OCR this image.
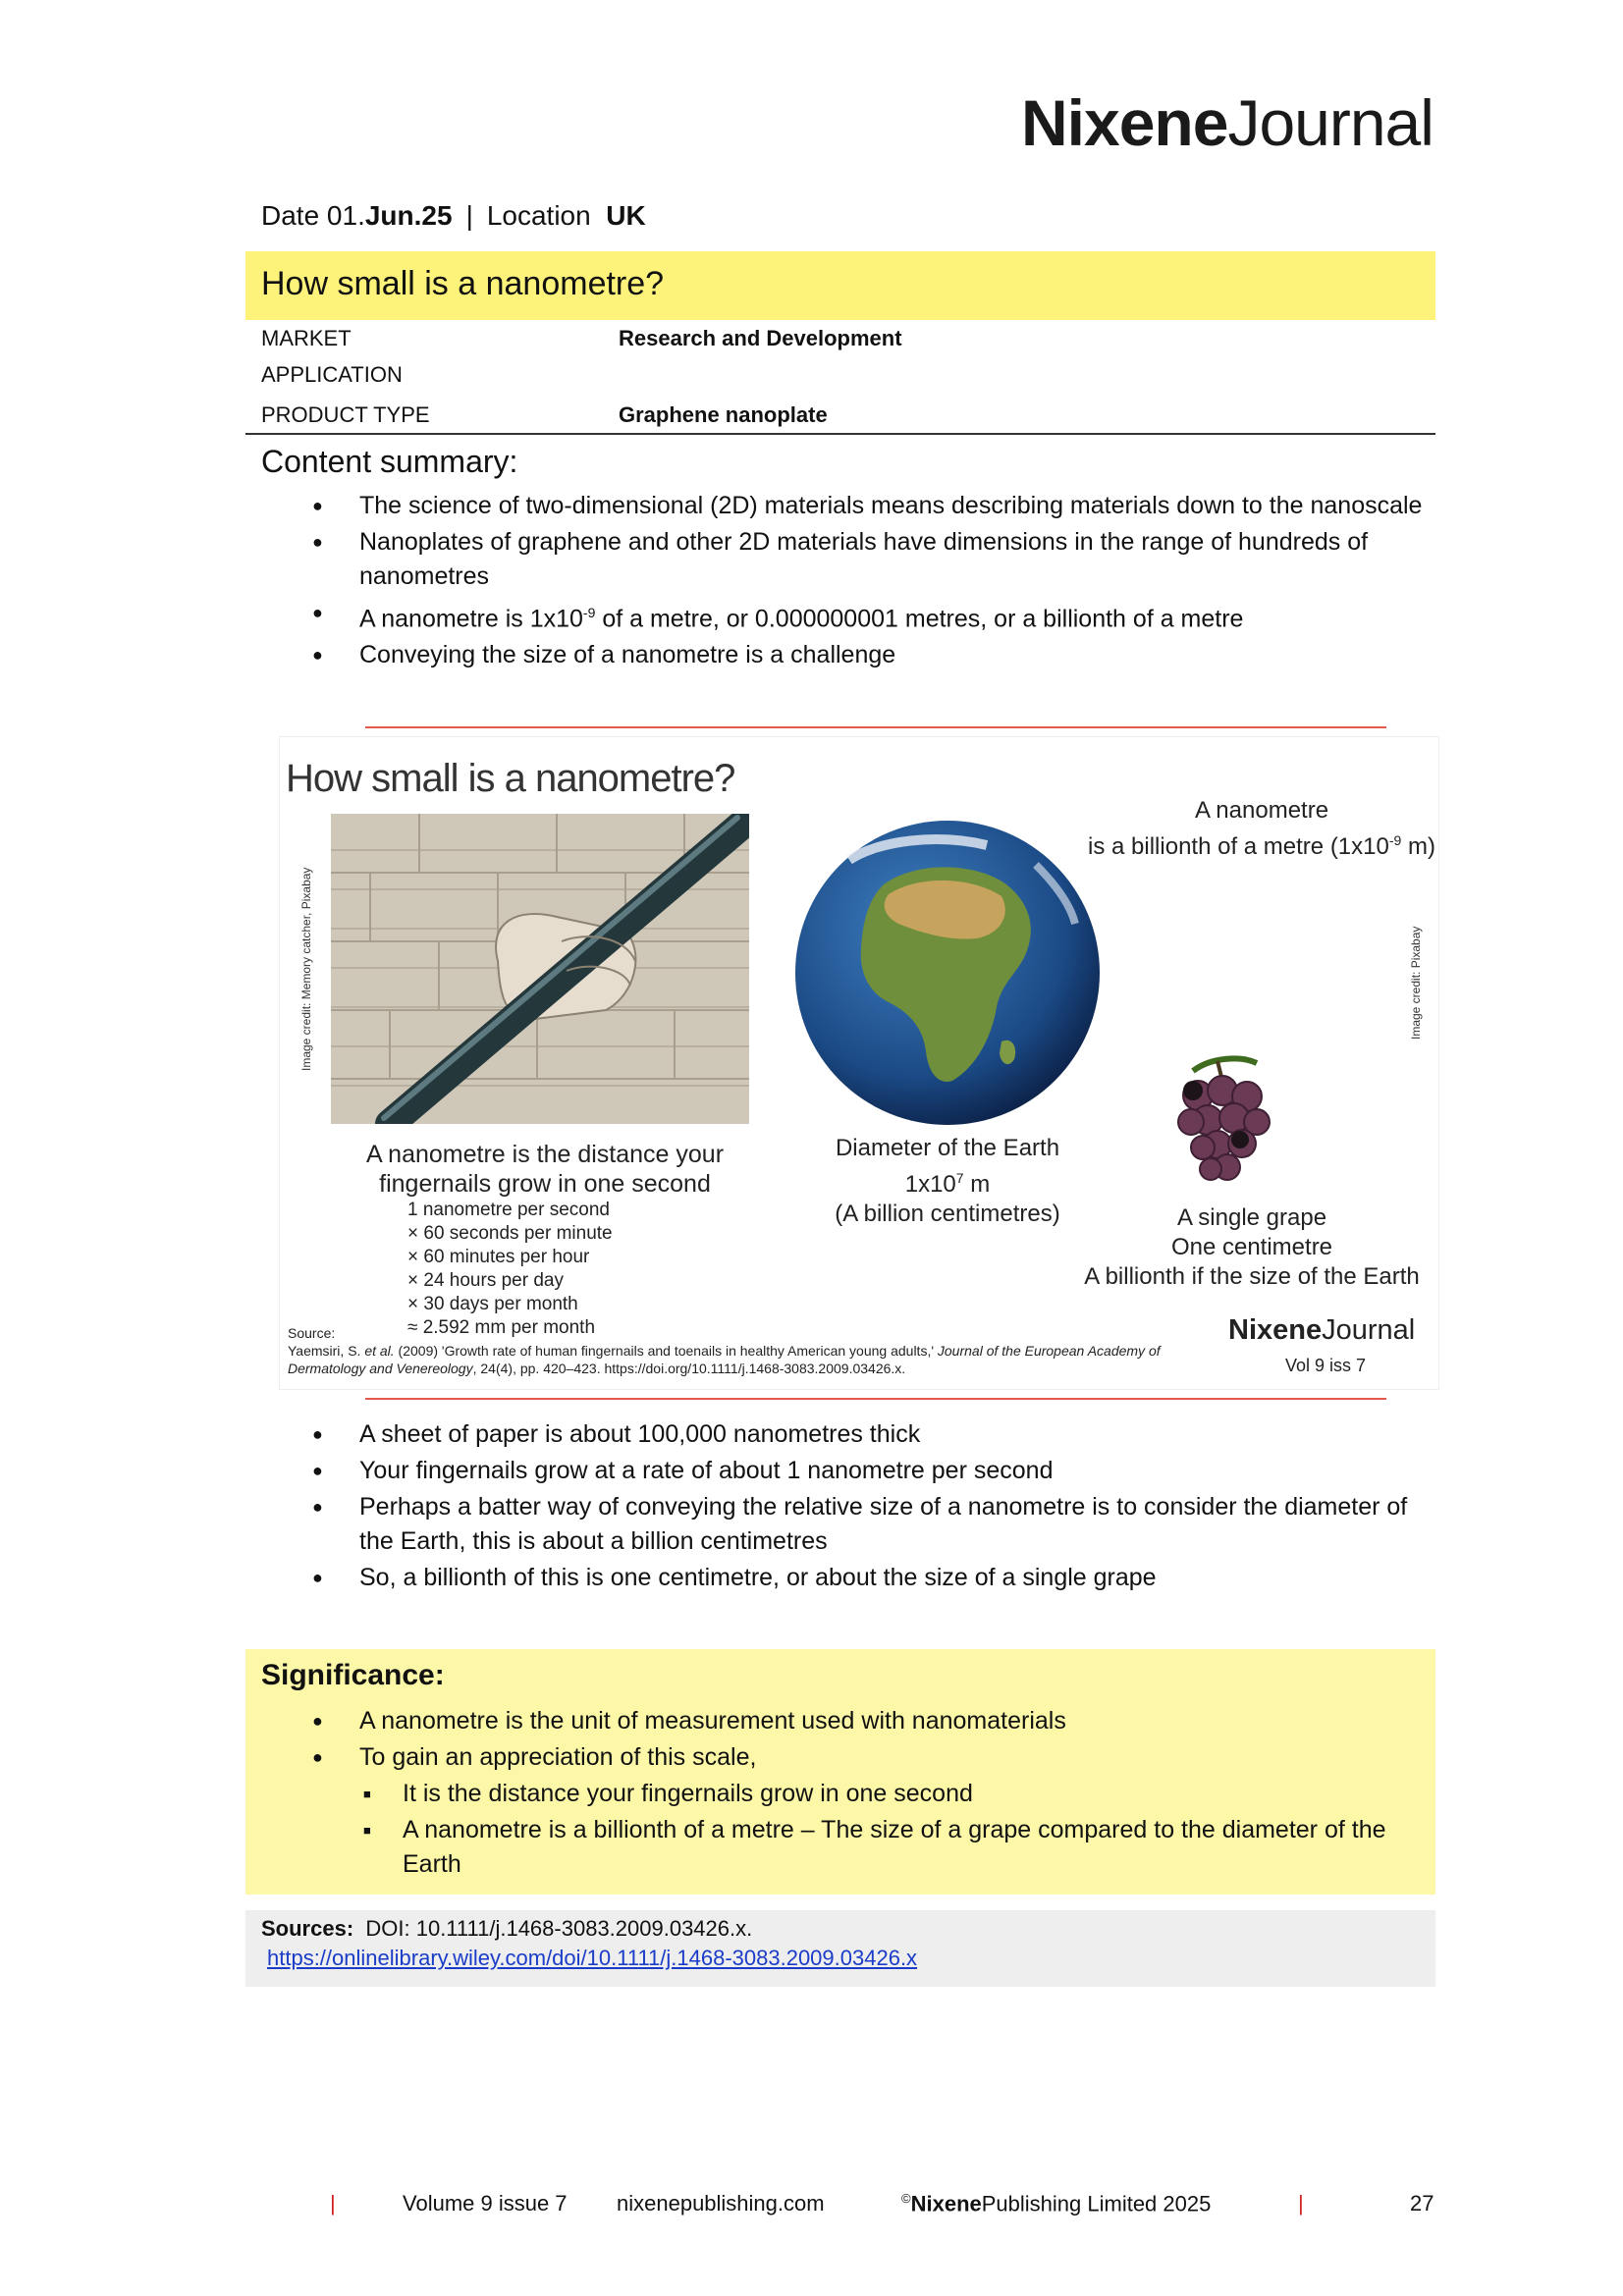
NixeneJournal
Date 01.Jun.25 | Location UK
How small is a nanometre?
MARKET	Research and Development
APPLICATION
PRODUCT TYPE	Graphene nanoplate
Content summary:
● The science of two-dimensional (2D) materials means describing materials down to the nanoscale
● Nanoplates of graphene and other 2D materials have dimensions in the range of hundreds of nanometres
● A nanometre is $1x10^{-9}$ of a metre, or 0.000000001 metres, or a billionth of a metre
● Conveying the size of a nanometre is a challenge
How small is a nanometre?
Image credit: Memory catcher, Pixabay	Image credit: Pixabay
A nanometre is the distance your
fingernails grow in one second
1 nanometre per second
× 60 seconds per minute
× 60 minutes per hour
× 24 hours per day
× 30 days per month
≈ 2.592 mm per month
Diameter of the Earth
$1x10^7$ m
(A billion centimetres)
A nanometre
is a billionth of a metre ($1x10^{-9}$ m)
A single grape
One centimetre
A billionth if the size of the Earth
Source:
Yaemsiri, S. et al. (2009) 'Growth rate of human fingernails and toenails in healthy American young adults,' Journal of the European Academy of Dermatology and Venereology, 24(4), pp. 420–423. https://doi.org/10.1111/j.1468-3083.2009.03426.x.
NixeneJournal
Vol 9 iss 7
● A sheet of paper is about 100,000 nanometres thick
● Your fingernails grow at a rate of about 1 nanometre per second
● Perhaps a batter way of conveying the relative size of a nanometre is to consider the diameter of the Earth, this is about a billion centimetres
● So, a billionth of this is one centimetre, or about the size of a single grape
Significance:
● A nanometre is the unit of measurement used with nanomaterials
● To gain an appreciation of this scale,
■ It is the distance your fingernails grow in one second
■ A nanometre is a billionth of a metre – The size of a grape compared to the diameter of the Earth
Sources: DOI: 10.1111/j.1468-3083.2009.03426.x.
https://onlinelibrary.wiley.com/doi/10.1111/j.1468-3083.2009.03426.x
|	Volume 9 issue 7 nixenepublishing.com	©NixenePublishing Limited 2025	|	27
